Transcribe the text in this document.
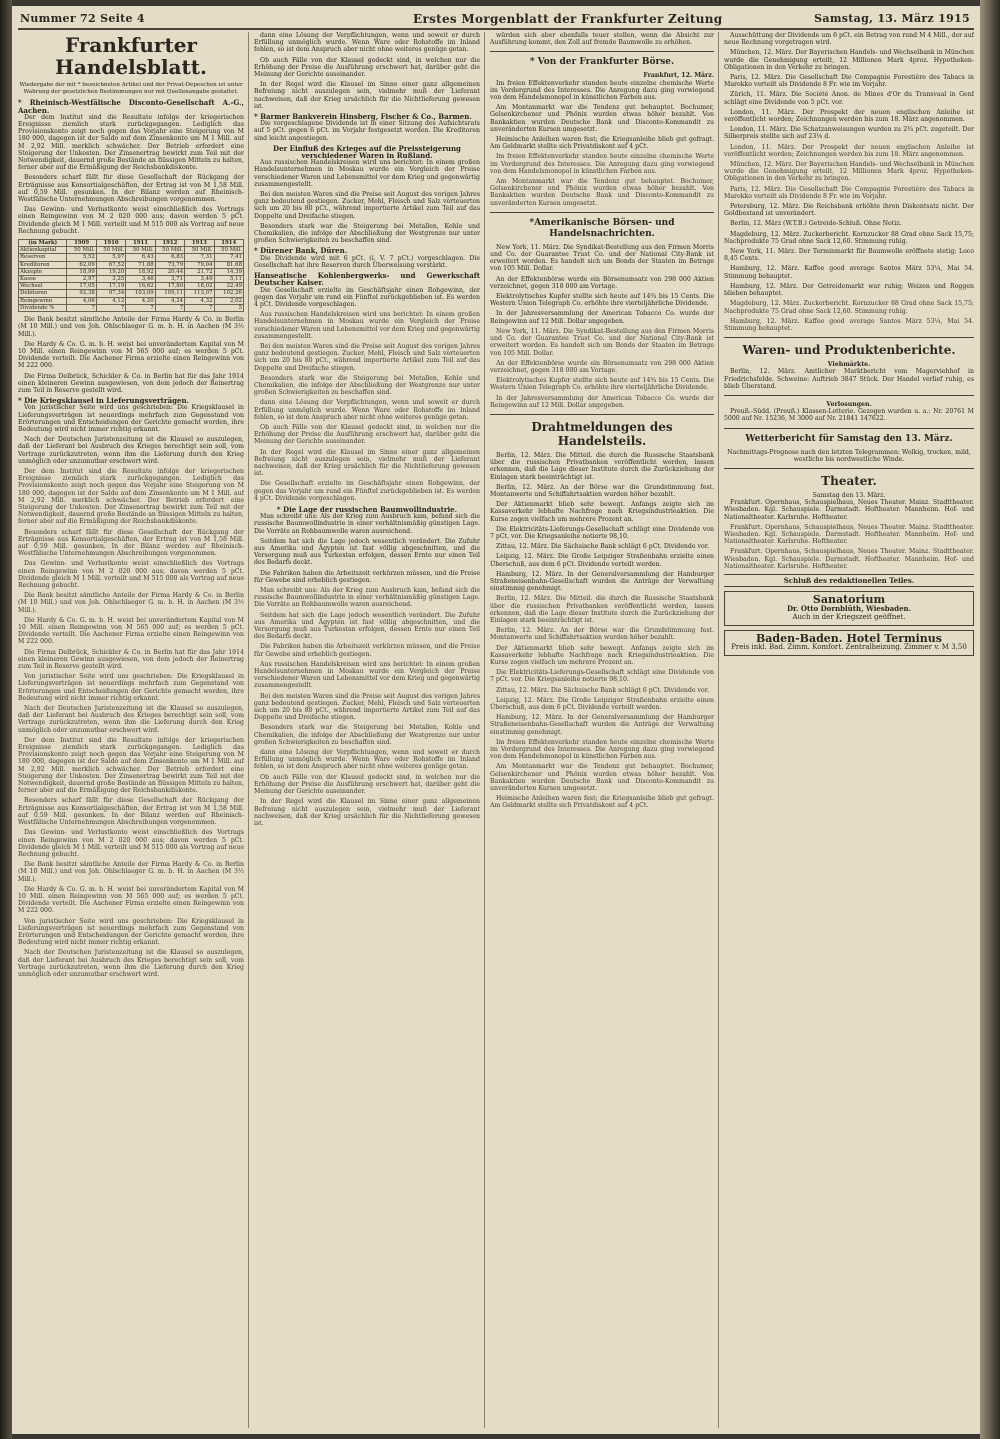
Nummer 72 Seite 4	Erstes Morgenblatt der Frankfurter Zeitung	Samstag, 13. März 1915
Frankfurter Handelsblatt.

Wiedergabe der mit * bezeichneten Artikel und der Privat-Depeschen ist unter Wahrung der gesetzlichen Bestimmungen nur mit Quellenangabe gestattet.

* Rheinisch-Westfälische Disconto-Gesellschaft A.-G., Aachen.

Der dem Institut sind die Resultate infolge der kriegerischen Ereignisse ziemlich stark zurückgegangen. Lediglich das Provisionskonto zeigt noch gegen das Vorjahr eine Steigerung von M 180 000, dagegen ist der Saldo auf dem Zinsenkonto um M 1 Mill. auf M 2,92 Mill. merklich schwächer. Der Betrieb erfordert eine Steigerung der Unkosten. Der Zinsenertrag bewirkt zum Teil mit der Notwendigkeit, dauernd große Bestände an flüssigen Mitteln zu halten, ferner aber auf die Ermäßigung der Reichsbankdiskonte.

Besonders scharf fällt für diese Gesellschaft der Rückgang der Erträgnisse aus Konsortialgeschäften, der Ertrag ist von M 1,58 Mill. auf 0,59 Mill. gesunken. In der Bilanz werden auf Rheinisch-Westfälische Unternehmungen Abschreibungen vorgenommen.

Das Gewinn- und Verlustkonto weist einschließlich des Vortrags einen Reingewinn von M 2 020 000 aus; davon werden 5 pCt. Dividende gleich M 1 Mill. verteilt und M 515 000 als Vortrag auf neue Rechnung gebucht.

(in Mark)	1909	1910	1911	1912	1913	1914
Aktienkapital	50 Mill.	50 Mill.	50 Mill.	50 Mill.	50 Mill.	50 Mill.
Reserven	5,52	5,97	6,43	6,83	7,31	7,41
Kreditoren	62,09	67,52	71,88	73,79	79,04	81,68
Akzepte	18,99	19,20	18,92	20,44	21,72	14,39
Kasse	2,97	3,25	3,46	3,71	3,49	5,11
Wechsel	17,05	17,19	16,62	17,80	18,02	22,49
Debitoren	92,38	97,34	103,09	109,11	113,07	102,26
Reingewinn	4,06	4,12	4,20	4,24	4,32	2,02
Dividende %	7	7	7	7	7	5

Die Bank besitzt sämtliche Anteile der Firma Hardy & Co. in Berlin (M 10 Mill.) und von Joh. Ohlschlaeger G. m. b. H. in Aachen (M 3½ Mill.).

Die Hardy & Co. G. m. b. H. weist bei unverändertem Kapital von M 10 Mill. einen Reingewinn von M 565 000 auf; es werden 5 pCt. Dividende verteilt. Die Aachener Firma erzielte einen Reingewinn von M 222 000.

Die Firma Delbrück, Schickler & Co. in Berlin hat für das Jahr 1914 einen kleineren Gewinn ausgewiesen, von dem jedoch der Reinertrag zum Teil in Reserve gestellt wird.

* Die Kriegsklausel in Lieferungsverträgen.

Von juristischer Seite wird uns geschrieben: Die Kriegsklausel in Lieferungsverträgen ist neuerdings mehrfach zum Gegenstand von Erörterungen und Entscheidungen der Gerichte gemacht worden, ihre Bedeutung wird nicht immer richtig erkannt.

Nach der Deutschen Juristenzeitung ist die Klausel so auszulegen, daß der Lieferant bei Ausbruch des Krieges berechtigt sein soll, vom Vertrage zurückzutreten, wenn ihm die Lieferung durch den Krieg unmöglich oder unzumutbar erschwert wird.

Der dem Institut sind die Resultate infolge der kriegerischen Ereignisse ziemlich stark zurückgegangen. Lediglich das Provisionskonto zeigt noch gegen das Vorjahr eine Steigerung von M 180 000, dagegen ist der Saldo auf dem Zinsenkonto um M 1 Mill. auf M 2,92 Mill. merklich schwächer. Der Betrieb erfordert eine Steigerung der Unkosten. Der Zinsenertrag bewirkt zum Teil mit der Notwendigkeit, dauernd große Bestände an flüssigen Mitteln zu halten, ferner aber auf die Ermäßigung der Reichsbankdiskonte.

Besonders scharf fällt für diese Gesellschaft der Rückgang der Erträgnisse aus Konsortialgeschäften, der Ertrag ist von M 1,58 Mill. auf 0,59 Mill. gesunken. In der Bilanz werden auf Rheinisch-Westfälische Unternehmungen Abschreibungen vorgenommen.

Das Gewinn- und Verlustkonto weist einschließlich des Vortrags einen Reingewinn von M 2 020 000 aus; davon werden 5 pCt. Dividende gleich M 1 Mill. verteilt und M 515 000 als Vortrag auf neue Rechnung gebucht.

Die Bank besitzt sämtliche Anteile der Firma Hardy & Co. in Berlin (M 10 Mill.) und von Joh. Ohlschlaeger G. m. b. H. in Aachen (M 3½ Mill.).

Die Hardy & Co. G. m. b. H. weist bei unverändertem Kapital von M 10 Mill. einen Reingewinn von M 565 000 auf; es werden 5 pCt. Dividende verteilt. Die Aachener Firma erzielte einen Reingewinn von M 222 000.

Die Firma Delbrück, Schickler & Co. in Berlin hat für das Jahr 1914 einen kleineren Gewinn ausgewiesen, von dem jedoch der Reinertrag zum Teil in Reserve gestellt wird.

Von juristischer Seite wird uns geschrieben: Die Kriegsklausel in Lieferungsverträgen ist neuerdings mehrfach zum Gegenstand von Erörterungen und Entscheidungen der Gerichte gemacht worden, ihre Bedeutung wird nicht immer richtig erkannt.

Nach der Deutschen Juristenzeitung ist die Klausel so auszulegen, daß der Lieferant bei Ausbruch des Krieges berechtigt sein soll, vom Vertrage zurückzutreten, wenn ihm die Lieferung durch den Krieg unmöglich oder unzumutbar erschwert wird.

Der dem Institut sind die Resultate infolge der kriegerischen Ereignisse ziemlich stark zurückgegangen. Lediglich das Provisionskonto zeigt noch gegen das Vorjahr eine Steigerung von M 180 000, dagegen ist der Saldo auf dem Zinsenkonto um M 1 Mill. auf M 2,92 Mill. merklich schwächer. Der Betrieb erfordert eine Steigerung der Unkosten. Der Zinsenertrag bewirkt zum Teil mit der Notwendigkeit, dauernd große Bestände an flüssigen Mitteln zu halten, ferner aber auf die Ermäßigung der Reichsbankdiskonte.

Besonders scharf fällt für diese Gesellschaft der Rückgang der Erträgnisse aus Konsortialgeschäften, der Ertrag ist von M 1,58 Mill. auf 0,59 Mill. gesunken. In der Bilanz werden auf Rheinisch-Westfälische Unternehmungen Abschreibungen vorgenommen.

Das Gewinn- und Verlustkonto weist einschließlich des Vortrags einen Reingewinn von M 2 020 000 aus; davon werden 5 pCt. Dividende gleich M 1 Mill. verteilt und M 515 000 als Vortrag auf neue Rechnung gebucht.

Die Bank besitzt sämtliche Anteile der Firma Hardy & Co. in Berlin (M 10 Mill.) und von Joh. Ohlschlaeger G. m. b. H. in Aachen (M 3½ Mill.).

Die Hardy & Co. G. m. b. H. weist bei unverändertem Kapital von M 10 Mill. einen Reingewinn von M 565 000 auf; es werden 5 pCt. Dividende verteilt. Die Aachener Firma erzielte einen Reingewinn von M 222 000.

Von juristischer Seite wird uns geschrieben: Die Kriegsklausel in Lieferungsverträgen ist neuerdings mehrfach zum Gegenstand von Erörterungen und Entscheidungen der Gerichte gemacht worden, ihre Bedeutung wird nicht immer richtig erkannt.

Nach der Deutschen Juristenzeitung ist die Klausel so auszulegen, daß der Lieferant bei Ausbruch des Krieges berechtigt sein soll, vom Vertrage zurückzutreten, wenn ihm die Lieferung durch den Krieg unmöglich oder unzumutbar erschwert wird.

dann eine Lösung der Verpflichtungen, wenn und soweit er durch Erfüllung unmöglich wurde. Wenn Ware oder Rohstoffe im Inland fehlen, so ist dem Anspruch aber nicht ohne weiteres genüge getan.

Ob auch Fälle von der Klausel gedeckt sind, in welchen nur die Erhöhung der Preise die Ausführung erschwert hat, darüber geht die Meinung der Gerichte auseinander.

In der Regel wird die Klausel im Sinne einer ganz allgemeinen Befreiung nicht auszulegen sein, vielmehr muß der Lieferant nachweisen, daß der Krieg ursächlich für die Nichtlieferung gewesen ist.

* Barmer Bankverein Hinsberg, Fischer & Co., Barmen.

Die vorgeschlagene Dividende ist in einer Sitzung des Aufsichtsrats auf 5 pCt. gegen 6 pCt. im Vorjahr festgesetzt worden. Die Kreditoren sind leicht angestiegen.

Der Einfluß des Krieges auf die Preissteigerung verschiedener Waren in Rußland.

Aus russischen Handelskreisen wird uns berichtet: In einem großen Handelsunternehmen in Moskau wurde ein Vergleich der Preise verschiedener Waren und Lebensmittel vor dem Krieg und gegenwärtig zusammengestellt.

Bei den meisten Waren sind die Preise seit August des vorigen Jahres ganz bedeutend gestiegen. Zucker, Mehl, Fleisch und Salz verteuerten sich um 20 bis 80 pCt., während importierte Artikel zum Teil auf das Doppelte und Dreifache stiegen.

Besonders stark war die Steigerung bei Metallen, Kohle und Chemikalien, die infolge der Abschließung der Westgrenze nur unter großen Schwierigkeiten zu beschaffen sind.

* Dürener Bank, Düren.

Die Dividende wird mit 6 pCt. (i. V. 7 pCt.) vorgeschlagen. Die Gesellschaft hat ihre Reserven durch Überweisung verstärkt.

Hanseatische Kohlenbergwerks- und Gewerkschaft Deutscher Kaiser.

Die Gesellschaft erzielte im Geschäftsjahr einen Rohgewinn, der gegen das Vorjahr um rund ein Fünftel zurückgeblieben ist. Es werden 4 pCt. Dividende vorgeschlagen.

Aus russischen Handelskreisen wird uns berichtet: In einem großen Handelsunternehmen in Moskau wurde ein Vergleich der Preise verschiedener Waren und Lebensmittel vor dem Krieg und gegenwärtig zusammengestellt.

Bei den meisten Waren sind die Preise seit August des vorigen Jahres ganz bedeutend gestiegen. Zucker, Mehl, Fleisch und Salz verteuerten sich um 20 bis 80 pCt., während importierte Artikel zum Teil auf das Doppelte und Dreifache stiegen.

Besonders stark war die Steigerung bei Metallen, Kohle und Chemikalien, die infolge der Abschließung der Westgrenze nur unter großen Schwierigkeiten zu beschaffen sind.

dann eine Lösung der Verpflichtungen, wenn und soweit er durch Erfüllung unmöglich wurde. Wenn Ware oder Rohstoffe im Inland fehlen, so ist dem Anspruch aber nicht ohne weiteres genüge getan.

Ob auch Fälle von der Klausel gedeckt sind, in welchen nur die Erhöhung der Preise die Ausführung erschwert hat, darüber geht die Meinung der Gerichte auseinander.

In der Regel wird die Klausel im Sinne einer ganz allgemeinen Befreiung nicht auszulegen sein, vielmehr muß der Lieferant nachweisen, daß der Krieg ursächlich für die Nichtlieferung gewesen ist.

Die Gesellschaft erzielte im Geschäftsjahr einen Rohgewinn, der gegen das Vorjahr um rund ein Fünftel zurückgeblieben ist. Es werden 4 pCt. Dividende vorgeschlagen.

* Die Lage der russischen Baumwollindustrie.

Man schreibt uns: Als der Krieg zum Ausbruch kam, befand sich die russische Baumwollindustrie in einer verhältnismäßig günstigen Lage. Die Vorräte an Rohbaumwolle waren ausreichend.

Seitdem hat sich die Lage jedoch wesentlich verändert. Die Zufuhr aus Amerika und Ägypten ist fast völlig abgeschnitten, und die Versorgung muß aus Turkestan erfolgen, dessen Ernte nur einen Teil des Bedarfs deckt.

Die Fabriken haben die Arbeitszeit verkürzen müssen, und die Preise für Gewebe sind erheblich gestiegen.

Man schreibt uns: Als der Krieg zum Ausbruch kam, befand sich die russische Baumwollindustrie in einer verhältnismäßig günstigen Lage. Die Vorräte an Rohbaumwolle waren ausreichend.

Seitdem hat sich die Lage jedoch wesentlich verändert. Die Zufuhr aus Amerika und Ägypten ist fast völlig abgeschnitten, und die Versorgung muß aus Turkestan erfolgen, dessen Ernte nur einen Teil des Bedarfs deckt.

Die Fabriken haben die Arbeitszeit verkürzen müssen, und die Preise für Gewebe sind erheblich gestiegen.

Aus russischen Handelskreisen wird uns berichtet: In einem großen Handelsunternehmen in Moskau wurde ein Vergleich der Preise verschiedener Waren und Lebensmittel vor dem Krieg und gegenwärtig zusammengestellt.

Bei den meisten Waren sind die Preise seit August des vorigen Jahres ganz bedeutend gestiegen. Zucker, Mehl, Fleisch und Salz verteuerten sich um 20 bis 80 pCt., während importierte Artikel zum Teil auf das Doppelte und Dreifache stiegen.

Besonders stark war die Steigerung bei Metallen, Kohle und Chemikalien, die infolge der Abschließung der Westgrenze nur unter großen Schwierigkeiten zu beschaffen sind.

dann eine Lösung der Verpflichtungen, wenn und soweit er durch Erfüllung unmöglich wurde. Wenn Ware oder Rohstoffe im Inland fehlen, so ist dem Anspruch aber nicht ohne weiteres genüge getan.

Ob auch Fälle von der Klausel gedeckt sind, in welchen nur die Erhöhung der Preise die Ausführung erschwert hat, darüber geht die Meinung der Gerichte auseinander.

In der Regel wird die Klausel im Sinne einer ganz allgemeinen Befreiung nicht auszulegen sein, vielmehr muß der Lieferant nachweisen, daß der Krieg ursächlich für die Nichtlieferung gewesen ist.

würden sich aber ebenfalls teuer stellen, wenn die Absicht zur Ausführung kommt, den Zoll auf fremde Baumwolle zu erhöhen.

* Von der Frankfurter Börse.
Frankfurt, 12. März.

Im freien Effektenverkehr standen heute einzelne chemische Werte im Vordergrund des Interesses. Die Anregung dazu ging vorwiegend von dem Handelsmonopol in künstlichen Farben aus.

Am Montanmarkt war die Tendenz gut behauptet. Bochumer, Gelsenkirchener und Phönix wurden etwas höher bezahlt. Von Bankaktien wurden Deutsche Bank und Disconto-Kommandit zu unveränderten Kursen umgesetzt.

Heimische Anleihen waren fest; die Kriegsanleihe blieb gut gefragt. Am Geldmarkt stellte sich Privatdiskont auf 4 pCt.

Im freien Effektenverkehr standen heute einzelne chemische Werte im Vordergrund des Interesses. Die Anregung dazu ging vorwiegend von dem Handelsmonopol in künstlichen Farben aus.

Am Montanmarkt war die Tendenz gut behauptet. Bochumer, Gelsenkirchener und Phönix wurden etwas höher bezahlt. Von Bankaktien wurden Deutsche Bank und Disconto-Kommandit zu unveränderten Kursen umgesetzt.

*Amerikanische Börsen- und Handelsnachrichten.

New York, 11. März. Die Syndikat-Bestellung aus den Firmen Morris und Co. der Guarantee Trust Co. und der National City-Bank ist erweitert worden. Es handelt sich um Bonds der Staaten im Betrage von 105 Mill. Dollar.

An der Effektenbörse wurde ein Börsenumsatz von 298 000 Aktien verzeichnet, gegen 318 000 am Vortage.

Elektrolytisches Kupfer stellte sich heute auf 14¾ bis 15 Cents. Die Western Union Telegraph Co. erhöhte ihre vierteljährliche Dividende.

In der Jahresversammlung der American Tobacco Co. wurde der Reingewinn auf 12 Mill. Dollar angegeben.

New York, 11. März. Die Syndikat-Bestellung aus den Firmen Morris und Co. der Guarantee Trust Co. und der National City-Bank ist erweitert worden. Es handelt sich um Bonds der Staaten im Betrage von 105 Mill. Dollar.

An der Effektenbörse wurde ein Börsenumsatz von 298 000 Aktien verzeichnet, gegen 318 000 am Vortage.

Elektrolytisches Kupfer stellte sich heute auf 14¾ bis 15 Cents. Die Western Union Telegraph Co. erhöhte ihre vierteljährliche Dividende.

In der Jahresversammlung der American Tobacco Co. wurde der Reingewinn auf 12 Mill. Dollar angegeben.

Drahtmeldungen des Handelsteils.

Berlin, 12. März. Die Mitteil. die durch die Russische Staatsbank über die russischen Privatbanken veröffentlicht werden, lassen erkennen, daß die Lage dieser Institute durch die Zurückziehung der Einlagen stark beeinträchtigt ist.

Berlin, 12. März. An der Börse war die Grundstimmung fest. Montanwerte und Schiffahrtsaktien wurden höher bezahlt.

Der Aktienmarkt blieb sehr bewegt. Anfangs zeigte sich im Kassaverkehr lebhafte Nachfrage nach Kriegsindustrieaktien. Die Kurse zogen vielfach um mehrere Prozent an.

Die Elektricitäts-Lieferungs-Gesellschaft schlägt eine Dividende von 7 pCt. vor. Die Kriegsanleihe notierte 98,10.

Zittau, 12. März. Die Sächsische Bank schlägt 6 pCt. Dividende vor.

Leipzig, 12. März. Die Große Leipziger Straßenbahn erzielte einen Überschuß, aus dem 6 pCt. Dividende verteilt werden.

Hamburg, 12. März. In der Generalversammlung der Hamburger Straßeneisenbahn-Gesellschaft wurden die Anträge der Verwaltung einstimmig genehmigt.

Berlin, 12. März. Die Mitteil. die durch die Russische Staatsbank über die russischen Privatbanken veröffentlicht werden, lassen erkennen, daß die Lage dieser Institute durch die Zurückziehung der Einlagen stark beeinträchtigt ist.

Berlin, 12. März. An der Börse war die Grundstimmung fest. Montanwerte und Schiffahrtsaktien wurden höher bezahlt.

Der Aktienmarkt blieb sehr bewegt. Anfangs zeigte sich im Kassaverkehr lebhafte Nachfrage nach Kriegsindustrieaktien. Die Kurse zogen vielfach um mehrere Prozent an.

Die Elektricitäts-Lieferungs-Gesellschaft schlägt eine Dividende von 7 pCt. vor. Die Kriegsanleihe notierte 98,10.

Zittau, 12. März. Die Sächsische Bank schlägt 6 pCt. Dividende vor.

Leipzig, 12. März. Die Große Leipziger Straßenbahn erzielte einen Überschuß, aus dem 6 pCt. Dividende verteilt werden.

Hamburg, 12. März. In der Generalversammlung der Hamburger Straßeneisenbahn-Gesellschaft wurden die Anträge der Verwaltung einstimmig genehmigt.

Im freien Effektenverkehr standen heute einzelne chemische Werte im Vordergrund des Interesses. Die Anregung dazu ging vorwiegend von dem Handelsmonopol in künstlichen Farben aus.

Am Montanmarkt war die Tendenz gut behauptet. Bochumer, Gelsenkirchener und Phönix wurden etwas höher bezahlt. Von Bankaktien wurden Deutsche Bank und Disconto-Kommandit zu unveränderten Kursen umgesetzt.

Heimische Anleihen waren fest; die Kriegsanleihe blieb gut gefragt. Am Geldmarkt stellte sich Privatdiskont auf 4 pCt.

Ausschüttung der Dividende um 6 pCt. ein Betrag von rund M 4 Mill., der auf neue Rechnung vorgetragen wird.

München, 12. März. Der Bayerischen Handels- und Wechselbank in München wurde die Genehmigung erteilt, 12 Millionen Mark 4proz. Hypotheken-Obligationen in den Verkehr zu bringen.

Paris, 12. März. Die Gesellschaft Die Compagnie Forestière des Tabacs in Marokko verteilt als Dividende 8 Fr. wie im Vorjahr.

Zürich, 11. März. Die Société Anon. de Mines d'Or du Transvaal in Genf schlägt eine Dividende von 5 pCt. vor.

London, 11. März. Der Prospekt der neuen englischen Anleihe ist veröffentlicht worden; Zeichnungen werden bis zum 18. März angenommen.

London, 11. März. Die Schatzanweisungen wurden zu 2¾ pCt. zugeteilt. Der Silberpreis stellte sich auf 23⅛ d.

London, 11. März. Der Prospekt der neuen englischen Anleihe ist veröffentlicht worden; Zeichnungen werden bis zum 18. März angenommen.

München, 12. März. Der Bayerischen Handels- und Wechselbank in München wurde die Genehmigung erteilt, 12 Millionen Mark 4proz. Hypotheken-Obligationen in den Verkehr zu bringen.

Paris, 12. März. Die Gesellschaft Die Compagnie Forestière des Tabacs in Marokko verteilt als Dividende 8 Fr. wie im Vorjahr.

Petersburg, 12. März. Die Reichsbank erhöhte ihren Diskontsatz nicht. Der Goldbestand ist unverändert.

Berlin, 12. März (W.T.B.) Getreide-Schluß. Ohne Notiz.

Magdeburg, 12. März. Zuckerbericht. Kornzucker 88 Grad ohne Sack 15,75; Nachprodukte 75 Grad ohne Sack 12,60. Stimmung ruhig.

New York, 11. März. Der Terminmarkt für Baumwolle eröffnete stetig; Loco 8,45 Cents.

Hamburg, 12. März. Kaffee good average Santos März 53¼, Mai 54. Stimmung behauptet.

Hamburg, 12. März. Der Getreidemarkt war ruhig; Weizen und Roggen blieben behauptet.

Magdeburg, 12. März. Zuckerbericht. Kornzucker 88 Grad ohne Sack 15,75; Nachprodukte 75 Grad ohne Sack 12,60. Stimmung ruhig.

Hamburg, 12. März. Kaffee good average Santos März 53¼, Mai 54. Stimmung behauptet.

Waren- und Produktenberichte.
Viehmärkte.

Berlin, 12. März. Amtlicher Marktbericht vom Magerviehhof in Friedrichsfelde. Schweine: Auftrieb 3847 Stück. Der Handel verlief ruhig, es blieb Überstand.

Verlosungen.

Preuß.-Südd. (Preuß.) Klassen-Lotterie. Gezogen wurden u. a.: Nr. 20761 M 5000 auf Nr. 15236, M 3000 auf Nr. 21841 147622.

Wetterbericht für Samstag den 13. März.

Nachmittags-Prognose nach den letzten Telegrammen: Wolkig, trocken, mild, westliche bis nordwestliche Winde.

Theater.
Samstag den 13. März.

Frankfurt. Opernhaus, Schauspielhaus, Neues Theater. Mainz. Stadttheater. Wiesbaden. Kgl. Schauspiele. Darmstadt. Hoftheater. Mannheim. Hof- und Nationaltheater. Karlsruhe. Hoftheater.

Frankfurt. Opernhaus, Schauspielhaus, Neues Theater. Mainz. Stadttheater. Wiesbaden. Kgl. Schauspiele. Darmstadt. Hoftheater. Mannheim. Hof- und Nationaltheater. Karlsruhe. Hoftheater.

Frankfurt. Opernhaus, Schauspielhaus, Neues Theater. Mainz. Stadttheater. Wiesbaden. Kgl. Schauspiele. Darmstadt. Hoftheater. Mannheim. Hof- und Nationaltheater. Karlsruhe. Hoftheater.

Schluß des redaktionellen Teiles.
Sanatorium
Dr. Otto Dornblüth, Wiesbaden.
Auch in der Kriegszeit geöffnet.
Baden-Baden. Hotel Terminus
Preis inkl. Bad. Zimm. Komfort. Zentralheizung. Zimmer v. M 3,50
